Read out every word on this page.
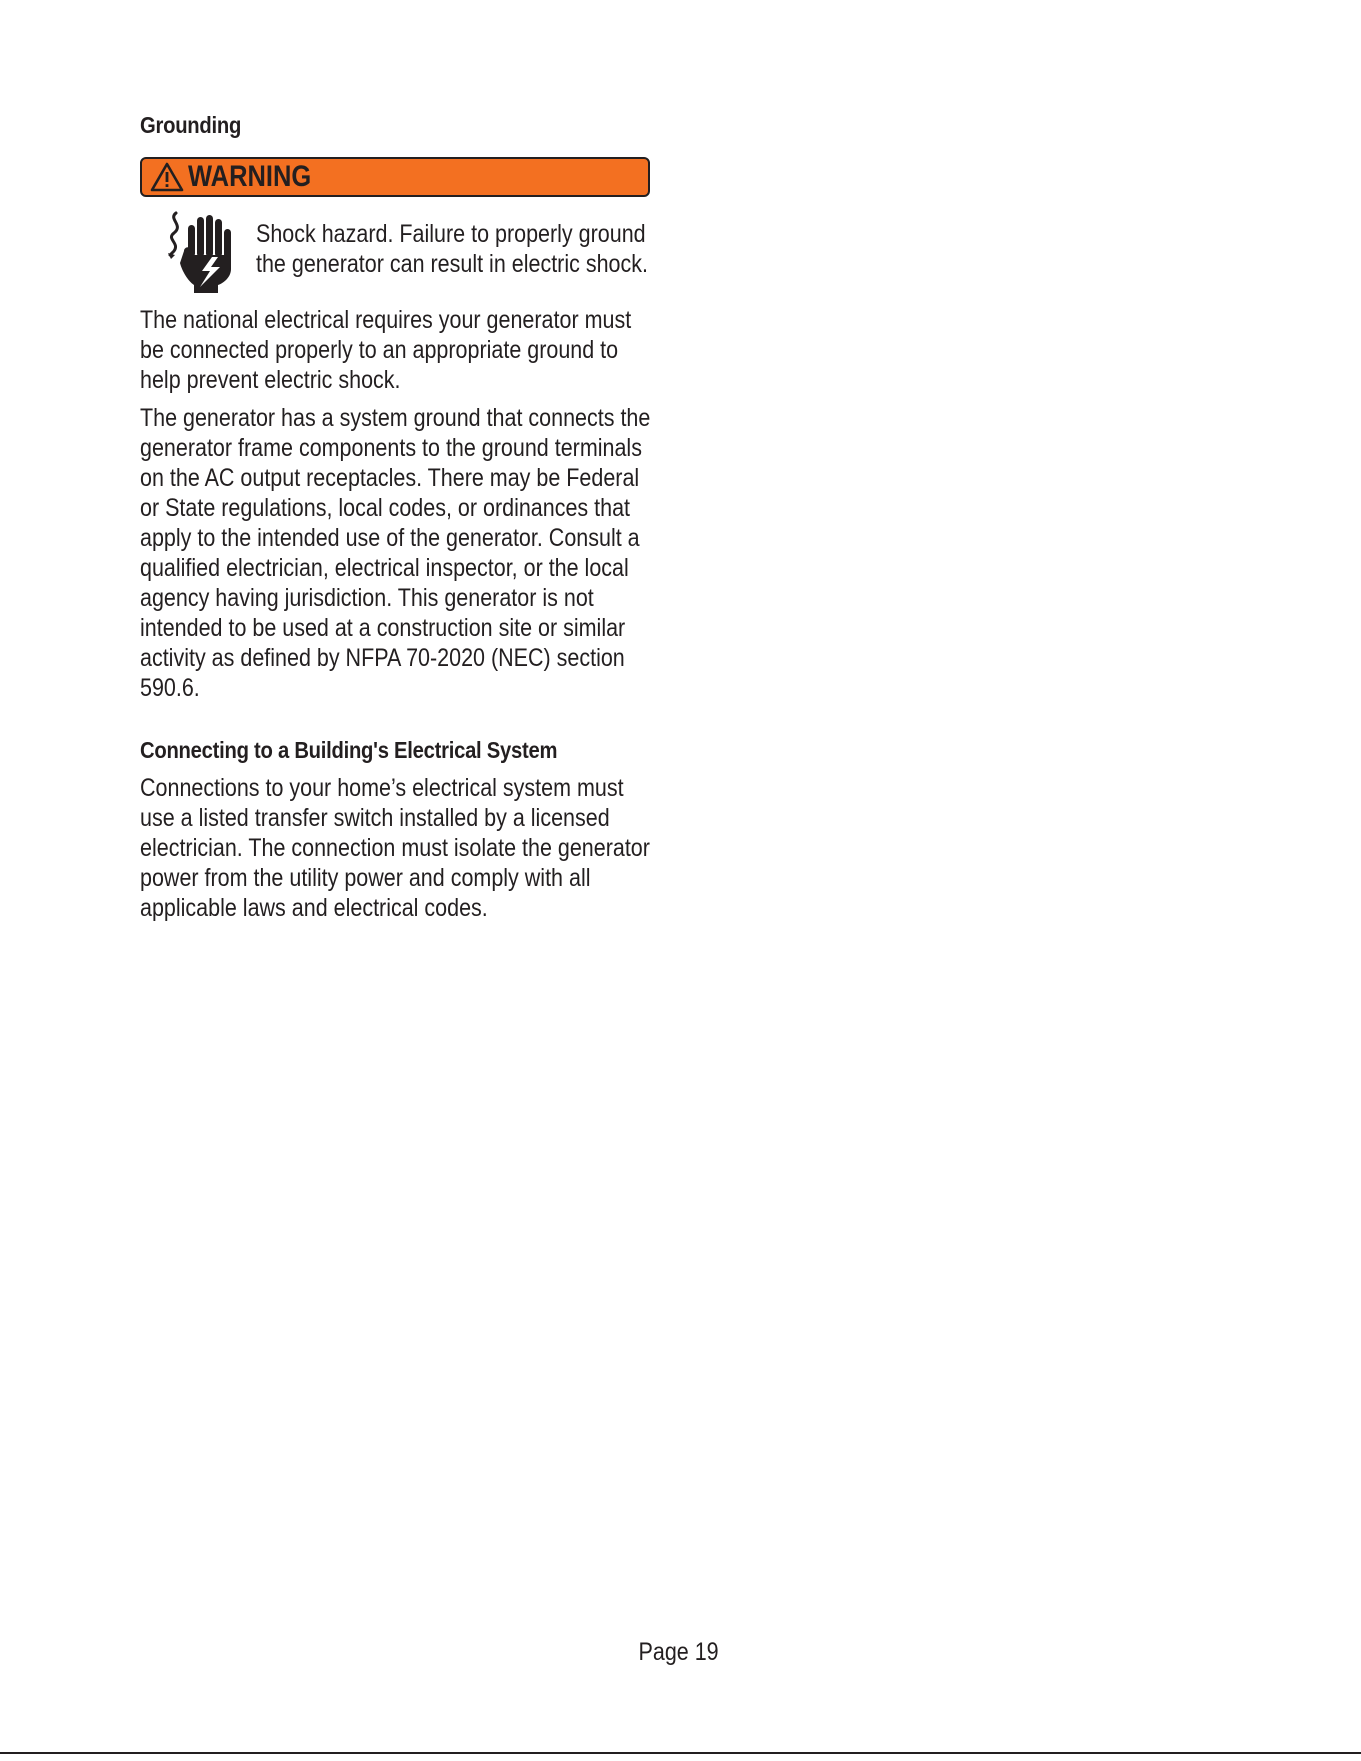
Grounding
WARNING
Shock hazard. Failure to properly ground
the generator can result in electric shock.
The national electrical requires your generator must
be connected properly to an appropriate ground to
help prevent electric shock.
The generator has a system ground that connects the
generator frame components to the ground terminals
on the AC output receptacles. There may be Federal
or State regulations, local codes, or ordinances that
apply to the intended use of the generator. Consult a
qualified electrician, electrical inspector, or the local
agency having jurisdiction. This generator is not
intended to be used at a construction site or similar
activity as defined by NFPA 70-2020 (NEC) section
590.6.
Connecting to a Building's Electrical System
Connections to your home’s electrical system must
use a listed transfer switch installed by a licensed
electrician. The connection must isolate the generator
power from the utility power and comply with all
applicable laws and electrical codes.
Page 19
